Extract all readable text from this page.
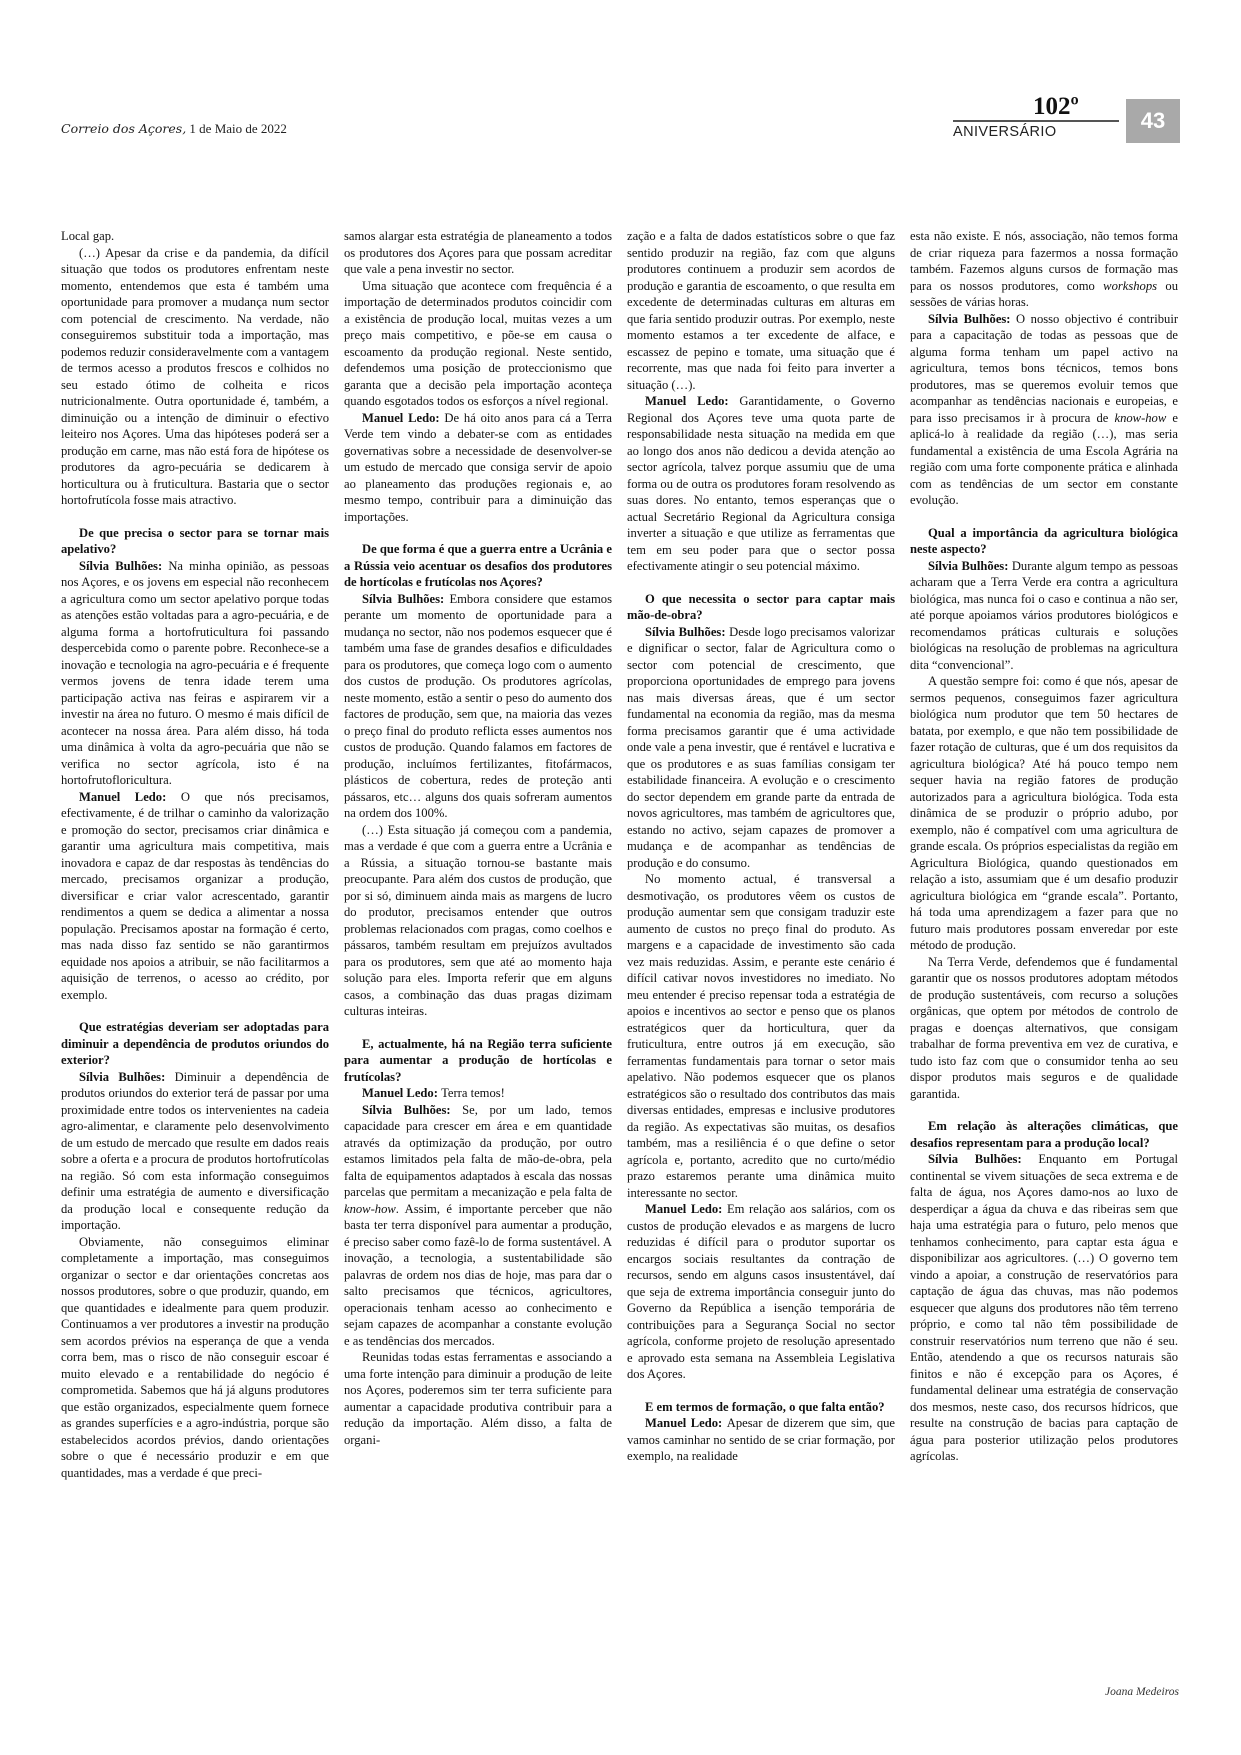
Correio dos Açores, 1 de Maio de 2022
102º
ANIVERSÁRIO	43

Local gap.

(…) Apesar da crise e da pandemia, da difícil situação que todos os produtores enfrentam neste momento, entendemos que esta é também uma oportunidade para promover a mudança num sector com potencial de crescimento. Na verdade, não conseguiremos substituir toda a importação, mas podemos reduzir consideravelmente com a vantagem de termos acesso a produtos frescos e colhidos no seu estado ótimo de colheita e ricos nutricionalmente. Outra oportunidade é, também, a diminuição ou a intenção de diminuir o efectivo leiteiro nos Açores. Uma das hipóteses poderá ser a produção em carne, mas não está fora de hipótese os produtores da agro-pecuária se dedicarem à horticultura ou à fruticultura. Bastaria que o sector hortofrutícola fosse mais atractivo.

De que precisa o sector para se tornar mais apelativo?

Sílvia Bulhões: Na minha opinião, as pessoas nos Açores, e os jovens em especial não reconhecem a agricultura como um sector apelativo porque todas as atenções estão voltadas para a agro-pecuária, e de alguma forma a hortofruticultura foi passando despercebida como o parente pobre. Reconhece-se a inovação e tecnologia na agro-pecuária e é frequente vermos jovens de tenra idade terem uma participação activa nas feiras e aspirarem vir a investir na área no futuro. O mesmo é mais difícil de acontecer na nossa área. Para além disso, há toda uma dinâmica à volta da agro-pecuária que não se verifica no sector agrícola, isto é na hortofrutofloricultura.

Manuel Ledo: O que nós precisamos, efectivamente, é de trilhar o caminho da valorização e promoção do sector, precisamos criar dinâmica e garantir uma agricultura mais competitiva, mais inovadora e capaz de dar respostas às tendências do mercado, precisamos organizar a produção, diversificar e criar valor acrescentado, garantir rendimentos a quem se dedica a alimentar a nossa população. Precisamos apostar na formação é certo, mas nada disso faz sentido se não garantirmos equidade nos apoios a atribuir, se não facilitarmos a aquisição de terrenos, o acesso ao crédito, por exemplo.

Que estratégias deveriam ser adoptadas para diminuir a dependência de produtos oriundos do exterior?

Sílvia Bulhões: Diminuir a dependência de produtos oriundos do exterior terá de passar por uma proximidade entre todos os intervenientes na cadeia agro-alimentar, e claramente pelo desenvolvimento de um estudo de mercado que resulte em dados reais sobre a oferta e a procura de produtos hortofrutícolas na região. Só com esta informação conseguimos definir uma estratégia de aumento e diversificação da produção local e consequente redução da importação.

Obviamente, não conseguimos eliminar completamente a importação, mas conseguimos organizar o sector e dar orientações concretas aos nossos produtores, sobre o que produzir, quando, em que quantidades e idealmente para quem produzir. Continuamos a ver produtores a investir na produção sem acordos prévios na esperança de que a venda corra bem, mas o risco de não conseguir escoar é muito elevado e a rentabilidade do negócio é comprometida. Sabemos que há já alguns produtores que estão organizados, especialmente quem fornece as grandes superfícies e a agro-indústria, porque são estabelecidos acordos prévios, dando orientações sobre o que é necessário produzir e em que quantidades, mas a verdade é que preci-

samos alargar esta estratégia de planeamento a todos os produtores dos Açores para que possam acreditar que vale a pena investir no sector.

Uma situação que acontece com frequência é a importação de determinados produtos coincidir com a existência de produção local, muitas vezes a um preço mais competitivo, e põe-se em causa o escoamento da produção regional. Neste sentido, defendemos uma posição de proteccionismo que garanta que a decisão pela importação aconteça quando esgotados todos os esforços a nível regional.

Manuel Ledo: De há oito anos para cá a Terra Verde tem vindo a debater-se com as entidades governativas sobre a necessidade de desenvolver-se um estudo de mercado que consiga servir de apoio ao planeamento das produções regionais e, ao mesmo tempo, contribuir para a diminuição das importações.

De que forma é que a guerra entre a Ucrânia e a Rússia veio acentuar os desafios dos produtores de hortícolas e frutícolas nos Açores?

Sílvia Bulhões: Embora considere que estamos perante um momento de oportunidade para a mudança no sector, não nos podemos esquecer que é também uma fase de grandes desafios e dificuldades para os produtores, que começa logo com o aumento dos custos de produção. Os produtores agrícolas, neste momento, estão a sentir o peso do aumento dos factores de produção, sem que, na maioria das vezes o preço final do produto reflicta esses aumentos nos custos de produção. Quando falamos em factores de produção, incluímos fertilizantes, fitofármacos, plásticos de cobertura, redes de proteção anti pássaros, etc… alguns dos quais sofreram aumentos na ordem dos 100%.

(…) Esta situação já começou com a pandemia, mas a verdade é que com a guerra entre a Ucrânia e a Rússia, a situação tornou-se bastante mais preocupante. Para além dos custos de produção, que por si só, diminuem ainda mais as margens de lucro do produtor, precisamos entender que outros problemas relacionados com pragas, como coelhos e pássaros, também resultam em prejuízos avultados para os produtores, sem que até ao momento haja solução para eles. Importa referir que em alguns casos, a combinação das duas pragas dizimam culturas inteiras.

E, actualmente, há na Região terra suficiente para aumentar a produção de hortícolas e frutícolas?

Manuel Ledo: Terra temos!

Sílvia Bulhões: Se, por um lado, temos capacidade para crescer em área e em quantidade através da optimização da produção, por outro estamos limitados pela falta de mão-de-obra, pela falta de equipamentos adaptados à escala das nossas parcelas que permitam a mecanização e pela falta de know-how. Assim, é importante perceber que não basta ter terra disponível para aumentar a produção, é preciso saber como fazê-lo de forma sustentável. A inovação, a tecnologia, a sustentabilidade são palavras de ordem nos dias de hoje, mas para dar o salto precisamos que técnicos, agricultores, operacionais tenham acesso ao conhecimento e sejam capazes de acompanhar a constante evolução e as tendências dos mercados.

Reunidas todas estas ferramentas e associando a uma forte intenção para diminuir a produção de leite nos Açores, poderemos sim ter terra suficiente para aumentar a capacidade produtiva contribuir para a redução da importação. Além disso, a falta de organi-

zação e a falta de dados estatísticos sobre o que faz sentido produzir na região, faz com que alguns produtores continuem a produzir sem acordos de produção e garantia de escoamento, o que resulta em excedente de determinadas culturas em alturas em que faria sentido produzir outras. Por exemplo, neste momento estamos a ter excedente de alface, e escassez de pepino e tomate, uma situação que é recorrente, mas que nada foi feito para inverter a situação (…).

Manuel Ledo: Garantidamente, o Governo Regional dos Açores teve uma quota parte de responsabilidade nesta situação na medida em que ao longo dos anos não dedicou a devida atenção ao sector agrícola, talvez porque assumiu que de uma forma ou de outra os produtores foram resolvendo as suas dores. No entanto, temos esperanças que o actual Secretário Regional da Agricultura consiga inverter a situação e que utilize as ferramentas que tem em seu poder para que o sector possa efectivamente atingir o seu potencial máximo.

O que necessita o sector para captar mais mão-de-obra?

Sílvia Bulhões: Desde logo precisamos valorizar e dignificar o sector, falar de Agricultura como o sector com potencial de crescimento, que proporciona oportunidades de emprego para jovens nas mais diversas áreas, que é um sector fundamental na economia da região, mas da mesma forma precisamos garantir que é uma actividade onde vale a pena investir, que é rentável e lucrativa e que os produtores e as suas famílias consigam ter estabilidade financeira. A evolução e o crescimento do sector dependem em grande parte da entrada de novos agricultores, mas também de agricultores que, estando no activo, sejam capazes de promover a mudança e de acompanhar as tendências de produção e do consumo.

No momento actual, é transversal a desmotivação, os produtores vêem os custos de produção aumentar sem que consigam traduzir este aumento de custos no preço final do produto. As margens e a capacidade de investimento são cada vez mais reduzidas. Assim, e perante este cenário é difícil cativar novos investidores no imediato. No meu entender é preciso repensar toda a estratégia de apoios e incentivos ao sector e penso que os planos estratégicos quer da horticultura, quer da fruticultura, entre outros já em execução, são ferramentas fundamentais para tornar o setor mais apelativo. Não podemos esquecer que os planos estratégicos são o resultado dos contributos das mais diversas entidades, empresas e inclusive produtores da região. As expectativas são muitas, os desafios também, mas a resiliência é o que define o setor agrícola e, portanto, acredito que no curto/médio prazo estaremos perante uma dinâmica muito interessante no sector.

Manuel Ledo: Em relação aos salários, com os custos de produção elevados e as margens de lucro reduzidas é difícil para o produtor suportar os encargos sociais resultantes da contração de recursos, sendo em alguns casos insustentável, daí que seja de extrema importância conseguir junto do Governo da República a isenção temporária de contribuições para a Segurança Social no sector agrícola, conforme projeto de resolução apresentado e aprovado esta semana na Assembleia Legislativa dos Açores.

E em termos de formação, o que falta então?

Manuel Ledo: Apesar de dizerem que sim, que vamos caminhar no sentido de se criar formação, por exemplo, na realidade

esta não existe. E nós, associação, não temos forma de criar riqueza para fazermos a nossa formação também. Fazemos alguns cursos de formação mas para os nossos produtores, como workshops ou sessões de várias horas.

Sílvia Bulhões: O nosso objectivo é contribuir para a capacitação de todas as pessoas que de alguma forma tenham um papel activo na agricultura, temos bons técnicos, temos bons produtores, mas se queremos evoluir temos que acompanhar as tendências nacionais e europeias, e para isso precisamos ir à procura de know-how e aplicá-lo à realidade da região (…), mas seria fundamental a existência de uma Escola Agrária na região com uma forte componente prática e alinhada com as tendências de um sector em constante evolução.

Qual a importância da agricultura biológica neste aspecto?

Sílvia Bulhões: Durante algum tempo as pessoas acharam que a Terra Verde era contra a agricultura biológica, mas nunca foi o caso e continua a não ser, até porque apoiamos vários produtores biológicos e recomendamos práticas culturais e soluções biológicas na resolução de problemas na agricultura dita “convencional”.

A questão sempre foi: como é que nós, apesar de sermos pequenos, conseguimos fazer agricultura biológica num produtor que tem 50 hectares de batata, por exemplo, e que não tem possibilidade de fazer rotação de culturas, que é um dos requisitos da agricultura biológica? Até há pouco tempo nem sequer havia na região fatores de produção autorizados para a agricultura biológica. Toda esta dinâmica de se produzir o próprio adubo, por exemplo, não é compatível com uma agricultura de grande escala. Os próprios especialistas da região em Agricultura Biológica, quando questionados em relação a isto, assumiam que é um desafio produzir agricultura biológica em “grande escala”. Portanto, há toda uma aprendizagem a fazer para que no futuro mais produtores possam enveredar por este método de produção.

Na Terra Verde, defendemos que é fundamental garantir que os nossos produtores adoptam métodos de produção sustentáveis, com recurso a soluções orgânicas, que optem por métodos de controlo de pragas e doenças alternativos, que consigam trabalhar de forma preventiva em vez de curativa, e tudo isto faz com que o consumidor tenha ao seu dispor produtos mais seguros e de qualidade garantida.

Em relação às alterações climáticas, que desafios representam para a produção local?

Sílvia Bulhões: Enquanto em Portugal continental se vivem situações de seca extrema e de falta de água, nos Açores damo-nos ao luxo de desperdiçar a água da chuva e das ribeiras sem que haja uma estratégia para o futuro, pelo menos que tenhamos conhecimento, para captar esta água e disponibilizar aos agricultores. (…) O governo tem vindo a apoiar, a construção de reservatórios para captação de água das chuvas, mas não podemos esquecer que alguns dos produtores não têm terreno próprio, e como tal não têm possibilidade de construir reservatórios num terreno que não é seu. Então, atendendo a que os recursos naturais são finitos e não é excepção para os Açores, é fundamental delinear uma estratégia de conservação dos mesmos, neste caso, dos recursos hídricos, que resulte na construção de bacias para captação de água para posterior utilização pelos produtores agrícolas.

Joana Medeiros
